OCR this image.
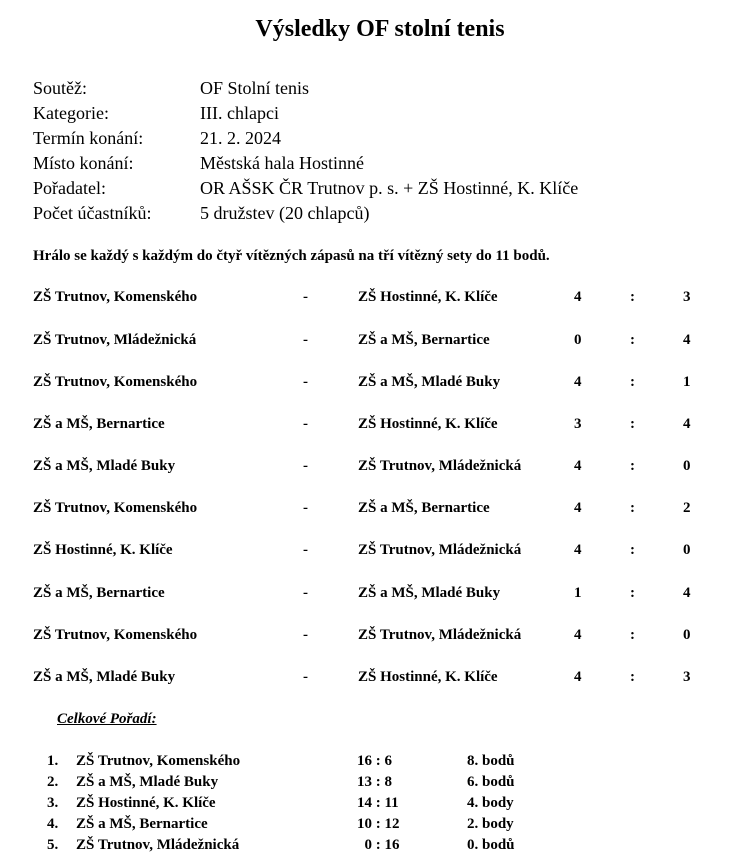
Výsledky OF stolní tenis
Soutěž:	OF Stolní tenis
Kategorie:	III. chlapci
Termín konání:	21. 2. 2024
Místo konání:	Městská hala Hostinné
Pořadatel:	OR AŠSK ČR Trutnov p. s. + ZŠ Hostinné, K. Klíče
Počet účastníků:	5 družstev (20 chlapců)
Hrálo se každý s každým do čtyř vítězných zápasů na tří vítězný sety do 11 bodů.
ZŠ Trutnov, Komenského	-	ZŠ Hostinné, K. Klíče	4	:	3
ZŠ Trutnov, Mládežnická	-	ZŠ a MŠ, Bernartice	0	:	4
ZŠ Trutnov, Komenského	-	ZŠ a MŠ, Mladé Buky	4	:	1
ZŠ a MŠ, Bernartice	-	ZŠ Hostinné, K. Klíče	3	:	4
ZŠ a MŠ, Mladé Buky	-	ZŠ Trutnov, Mládežnická	4	:	0
ZŠ Trutnov, Komenského	-	ZŠ a MŠ, Bernartice	4	:	2
ZŠ Hostinné, K. Klíče	-	ZŠ Trutnov, Mládežnická	4	:	0
ZŠ a MŠ, Bernartice	-	ZŠ a MŠ, Mladé Buky	1	:	4
ZŠ Trutnov, Komenského	-	ZŠ Trutnov, Mládežnická	4	:	0
ZŠ a MŠ, Mladé Buky	-	ZŠ Hostinné, K. Klíče	4	:	3
Celkové Pořadí:
1. ZŠ Trutnov, Komenského	16 : 6	8. bodů
2. ZŠ a MŠ, Mladé Buky	13 : 8	6. bodů
3. ZŠ Hostinné, K. Klíče	14 : 11	4. body
4. ZŠ a MŠ, Bernartice	10 : 12	2. body
5. ZŠ Trutnov, Mládežnická	0 : 16	0. bodů
